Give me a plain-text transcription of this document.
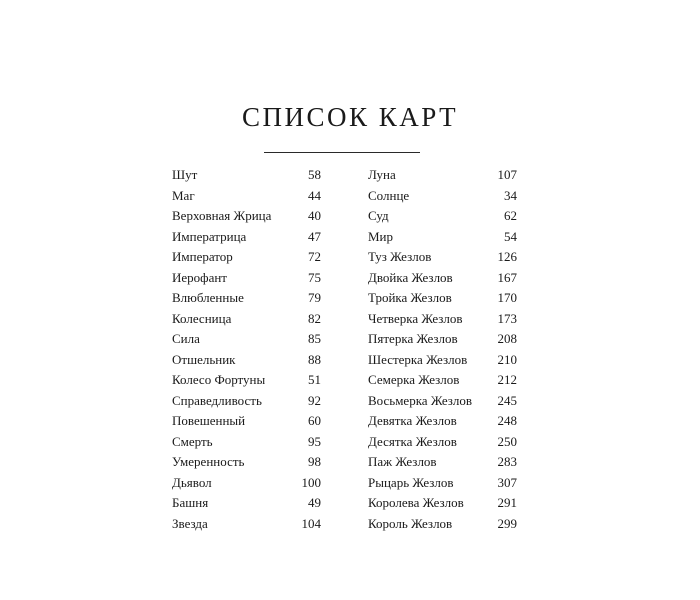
СПИСОК КАРТ
Шут	58
Маг	44
Верховная Жрица	40
Императрица	47
Император	72
Иерофант	75
Влюбленные	79
Колесница	82
Сила	85
Отшельник	88
Колесо Фортуны	51
Справедливость	92
Повешенный	60
Смерть	95
Умеренность	98
Дьявол	100
Башня	49
Звезда	104
Луна	107
Солнце	34
Суд	62
Мир	54
Туз Жезлов	126
Двойка Жезлов	167
Тройка Жезлов	170
Четверка Жезлов	173
Пятерка Жезлов	208
Шестерка Жезлов 210
Семерка Жезлов	212
Восьмерка Жезлов 245
Девятка Жезлов	248
Десятка Жезлов	250
Паж Жезлов	283
Рыцарь Жезлов	307
Королева Жезлов	291
Король Жезлов	299
